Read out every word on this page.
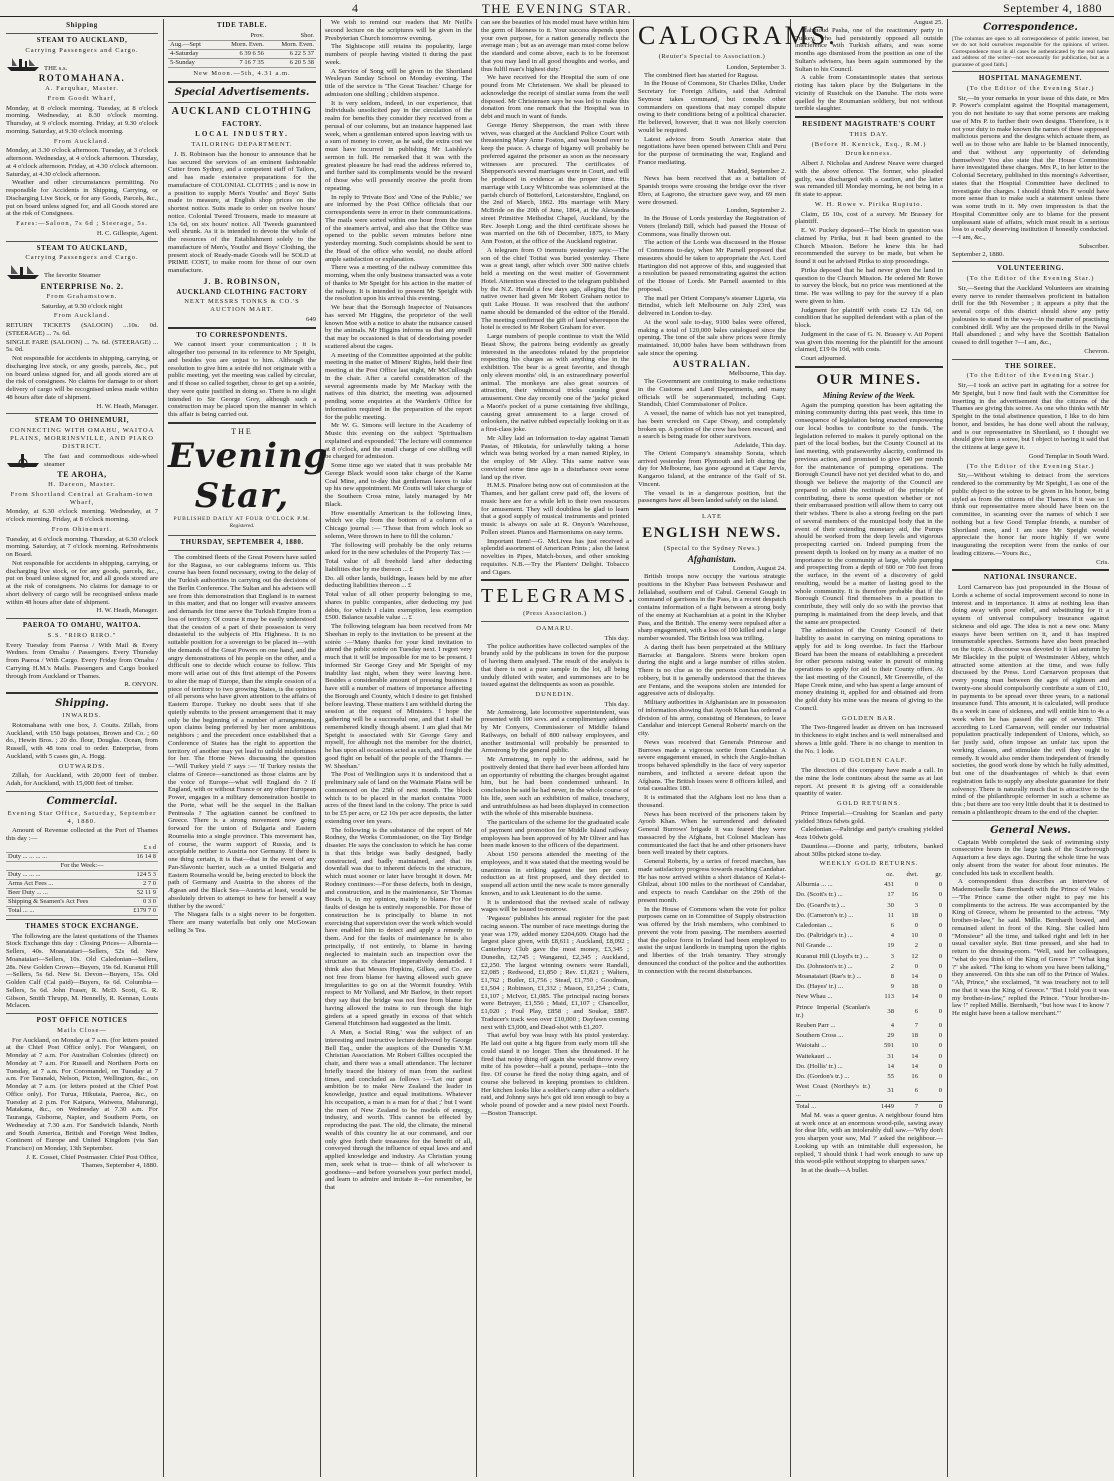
4	THE EVENING STAR.	September 4, 1880
Shipping
STEAM TO AUCKLAND,
Carrying Passengers and Cargo.
THE s.s.
ROTOMAHANA.
A. Farquhar, Master.
From Goodt Wharf,

Monday, at 8 o'clock morning. Tuesday, at 8 o'clock morning. Wednesday, at 8.30 o'clock morning. Thursday, at 9 o'clock morning. Friday, at 9.30 o'clock morning. Saturday, at 9.30 o'clock morning.

From Auckland.

Monday, at 3.30 o'clock afternoon. Tuesday, at 3 o'clock afternoon. Wednesday, at 4 o'clock afternoon. Thursday, at 4 o'clock afternoon. Friday, at 4.30 o'clock afternoon. Saturday, at 4.30 o'clock afternoon.

Weather and other circumstances permitting. No responsible for Accidents in Shipping, Carrying, or Discharging Live Stock, or for any Goods, Parcels, &c., put on board unless signed for, and all Goods stored are at the risk of Consignees.

Fares:—Saloon, 7s 6d ; Steerage, 5s.
H. C. Gillespie, Agent.
STEAM TO AUCKLAND,
Carrying Passengers and Cargo.
The favorite Steamer
ENTERPRISE No. 2.
From Grahamstown.

Saturday, at 9.30 o'clock night

From Auckland.

RETURN TICKETS (SALOON) ...10s. 0d. (STEERAGE) ... 7s. 6d.

SINGLE FARE (SALOON) ... 7s. 6d. (STEERAGE) ... 5s. 0d.

Not responsible for accidents in shipping, carrying, or discharging live stock, or any goods, parcels, &c., put on board unless signed for, and all goods stored are at the risk of consignees. No claims for damage to or short delivery of cargo will be recognised unless made within 48 hours after date of shipment.

H. W. Heath, Manager.
STEAM TO OHINEMURI,
CONNECTING WITH OMAHU, WAITOA PLAINS, MORRINSVILLE, AND PIAKO DISTRICT.
The fast and commodious side-wheel steamer
TE AROHA,
H. Dareon, Master.
From Shortland Central at Graham-town Wharf,

Monday, at 6.30 o'clock morning. Wednesday, at 7 o'clock morning. Friday, at 8 o'clock morning.

From Ohinemuri.

Tuesday, at 6 o'clock morning. Thursday, at 6.30 o'clock morning. Saturday, at 7 o'clock morning. Refreshments on Board.

Not responsible for accidents in shipping, carrying, or discharging live stock, or for any goods, parcels, &c., put on board unless signed for, and all goods stored are at the risk of consignees. No claims for damage to or short delivery of cargo will be recognised unless made within 48 hours after date of shipment.

H. W. Heath, Manager.
PAEROA TO OMAHU, WAITOA.
S.S. "RIRO RIRO."

Every Tuesday from Paeroa / With Mail & Every Wednes. from Omahu / Passengers. Every Thursday from Paeroa / With Cargo. Every Friday from Omahu / Carrying H.M.'s Mails. Passengers and Cargo booked through from Auckland or Thames.

R. ONYON.
Shipping.
INWARDS.

Rotomahana with one box, J. Coutts. Zillah, from Auckland, with 150 bags potatoes, Brown and Co. ; 60 do., Hewin Bros. ; 20 do. flour, Douglas. Ocean, from Russell, with 48 tons coal to order. Enterprise, from Auckland, with 5 cases gin, A. Hogg.

OUTWARDS.

Zillah, for Auckland, with 20,000 feet of timber. Adah, for Auckland, with 15,000 feet of timber.

Commercial.
Evening Star Office, Saturday, September 4, 1880.

Amount of Revenue collected at the Port of Thames this day :—

	£ s d
Duty ... ... ... ...	16 14 8
For the Week:—	
Duty ... ... ...	124 5 3
Arms Act Fees ...	2 7 0
Beer Duty ... ...	52 11 9
Shipping & Seamen's Act Fees	0 3 0
Total ... ...	£179 7 0
THAMES STOCK EXCHANGE.

The following are the latest quotations of the Thames Stock Exchange this day : Closing Prices— Alburnia—Sellers, 40s. Moanataiari—Sellers, 52s 6d. New Moanataiari—Sellers, 10s. Old Caledonian—Sellers, 28s. New Golden Crown—Buyers, 19s 6d. Kuranui Hill—Sellers, 5s 6d. New St. Devon—Buyers, 15s. Old Golden Calf (Cal paid)—Buyers, 6s 6d. Columbia—Sellers, 5s 6d. John Fraser, R. McD. Scott, G. R. Gibson, Smith Thrupp, M. Hennelly, R. Kennan, Louis Mclacen.

POST OFFICE NOTICES
Mails Close—

For Auckland, on Monday at 7 a.m. (for letters posted at the Chief Post Office only). For Wangarei, on Monday at 7 a.m. For Australian Colonies (direct) on Monday at 7 a.m. For Russell and Northern Ports on Tuesday, at 7 a.m. For Coromandel, on Tuesday at 7 a.m. For Taranaki, Nelson, Picton, Wellington, &c., on Monday at 7 a.m. (or letters posted at the Chief Post Office only). For Turua, Hikutaia, Paeroa, &c., on Tuesday at 2 p.m. For Kaipara, Waiwera, Mahurangi, Matakana, &c., on Wednesday at 7.30 a.m. For Tauranga, Gisborne, Napier, and Southern Ports, on Wednesday at 7.30 a.m. For Sandwich Islands, North and South America, British and Foreign West Indies, Continent of Europe and United Kingdom (via San Francisco) on Monday, 13th September.

J. E. Cosset, Chief Postmaster. Chief Post Office, Thames, September 4, 1880.
TIDE TABLE.
	Prov.	Shor.
Aug.—Sept	Morn. Even.	Morn. Even.
4-Saturday	6 39 6 56	6 22 5 37
5-Sunday	7 16 7 35	6 20 5 38
New Moon.—5th, 4.31 a.m.
Special Advertisements.
AUCKLAND CLOTHING
FACTORY.
LOCAL INDUSTRY.
TAILORING DEPARTMENT.

J. B. Robinson has the honour to announce that he has secured the services of an eminent fashionable Cutter from Sydney, and a competent staff of Tailors, and has made extensive preparations for the manufacture of COLONIAL CLOTHS ; and is now in a position to supply Men's Youths' and Boys' Suits made to measure, at English shop prices on the shortest notice. Suits made to order on twelve hours' notice. Colonial Tweed Trousers, made to measure at 13s 6d, on six hours' notice. All Tweeds guaranteed well shrunk. As it is intended to devote the whole of the resources of the Establishment solely to the manufacture of Men's, Youths' and Boys' Clothing, the present stock of Ready-made Goods will be SOLD at PRIME COST, to make room for those of our own manufacture.

J. B. ROBINSON,
AUCKLAND CLOTHING FACTORY
NEXT MESSRS TONKS & CO.'S AUCTION MART.
649
TO CORRESPONDENTS.

We cannot insert your communication ; it is altogether too personal in its reference to Mr Speight, and besides you are unjust to him. Although the resolution to give him a soirée did not originate with a public meeting, yet the meeting was called by circular, and if those so called together, chose to get up a soirée, they were quite justified in doing so. There is no slight intended to Sir George Grey, although such a construction may be placed upon the manner in which this affair is being carried out.

THE
Evening Star,
PUBLISHED DAILY AT FOUR O'CLOCK P.M.
Registered.
THURSDAY, SEPTEMBER 4, 1880.

The combined fleets of the Great Powers have sailed for the Ragusa, so our cablegrams inform us. This course has been found necessary, owing to the delay of the Turkish authorities in carrying out the decisions of the Berlin Conference. The Sultan and his advisers will see from this demonstration that England is in earnest in this matter, and that no longer will evasive answers and demands for time serve the Turkish Empire from a loss of territory. Of course it may be easily understood that the cession of a part of their possession is very distasteful to the subjects of His Highness. It is no suitable position for a sovereign to be placed in—with the demands of the Great Powers on one hand, and the angry demonstrations of his people on the other, and a difficult one to decide which course to follow. This more will arise out of this first attempt of the Powers to alter the map of Europe, than the simple cession of a piece of territory to two growing States, is the opinion of all persons who have given attention to the affairs of Eastern Europe. Turkey no doubt sees that if she quietly submits to the present arrangement that it may only be the beginning of a number of arrangements, upon claims being preferred by her more ambitious neighbors ; and the precedent once established that a Conference of States has the right to apportion the territory of another may yet lead to unfold misfortunes for her. The Home News discussing the question—'Will Turkey yield ?' says :— 'If Turkey resists the claims of Greece—sanctioned as those claims are by the voice of Europe—what will England do ? If England, with or without France or any other European Power, engages in a military demonstration hostile to the Porte, what will be the sequel in the Balkan Peninsula ? The agitation cannot be confined to Greece. There is a strong movement now going forward for the union of Bulgaria and Eastern Roumelia into a single province. This movement has, of course, the warm support of Russia, and is acceptable neither to Austria nor Germany. If there is one thing certain, it is that—that in the event of any Pan-Slavonic barrier, such as a united Bulgaria and Eastern Roumelia would be, being erected to block the path of Germany and Austria to the shores of the Ægean and the Black Sea—Austria at least, would be absolutely driven to attempt to hew for herself a way thither by the sword.'

The Niagara falls is a sight never to be forgotten. There are many waterfalls but only one McGowan selling 3s Tea.

We wish to remind our readers that Mr Neill's second lecture on the scriptures will be given in the Presbyterian Church tomorrow evening.

The Sightscope still retains its popularity, large numbers of people having visited it during the past week.

A Service of Song will be given in the Shortland Wesleyan Sunday School on Monday evening. The title of the service is 'The Great Teacher.' Charge for admission one shilling ; children sixpence.

It is very seldom, indeed, in our experience, that individuals unsolicited pay in the circulation of the realm for benefits they consider they received from a perusal of our columns, but an instance happened last week, when a gentleman entered upon leaving with us a sum of money to cover, as he said, the extra cost we must have incurred in publishing Mr Laishley's sermon in full. He remarked that it was with the greatest pleasure he had read the address referred to, and further said its compliments would be the reward of those who will presently receive the profit from repeating.

In reply to 'Private Box' and 'One of the Public,' we are informed by the Post Office officials that our correspondents were in error in their communications. The mails were sorted within one hour from the time of the steamer's arrival, and also that the Office was opened to the public seven minutes before nine yesterday morning. Such complaints should be sent to the Head of the office who would, no doubt afford ample satisfaction or explanation.

There was a meeting of the railway committee this morning, when the only business transacted was a vote of thanks to Mr Speight for his action in the matter of the railway. It is intended to present Mr Speight with the resolution upon his arrival this evening.

We hear that the Borough Inspector of Nuisances has served Mr Higgins, the proprietor of the well known Moe with a notice to abate the nuisance caused by the animals. Mr Higgins informs us that any smell that may be occasioned is that of deodorising powder scattered about the cages.

A meeting of the Committee appointed at the public meeting in the matter of Miners' Rights, held their first meeting at the Post Office last night, Mr McCullough in the chair. After a careful consideration of the several agreements made by Mr Mackay with the natives of this district, the meeting was adjourned pending some enquiries at the Warden's Office for information required in the preparation of the report for the public meeting.

Mr W. G. Simons will lecture in the Academy of Music this evening on the subject 'Spiritualism explained and expounded.' The lecture will commence at 8 o'clock, and the small charge of one shilling will be charged for admission.

Some time ago we stated that it was probable Mr George Black would soon take charge of the Kame Coal Mine, and to-day that gentleman leaves to take up his new appointment. Mr Coutts will take charge of the Southern Cross mine, lately managed by Mr Black.

How essentially American is the following lines, which we clip from the bottom of a column of a Chicago journal :— 'Those that from which look so solemn, Were thrown in here to fill the column.'

The following will probably be the only returns asked for in the new schedules of the Property Tax :—

Total value of all freehold land after deducting liabilities due by me thereon ... £

Do. all other lands, buildings, leases held by me after deducting liabilities thereon ... £

Total value of all other property belonging to me, shares in public companies, after deducting my just debts, for which I claim exemption, less exemption £500. Balance taxable value ... £

The following telegram has been received from Mr Sheehan in reply to the invitation to be present at the soirée :—'Many thanks for your kind invitation to attend the public soirée on Tuesday next. I regret very much that it will be impossible for me to be present. I informed Sir George Grey and Mr Speight of my inability last night, when they were leaving here. Besides a considerable amount of pressing business I have still a number of matters of importance affecting the Borough and County, which I desire to get finished before leaving. These matters I am withheld during the session at the request of Ministers. I hope the gathering will be a successful one, and that I shall be remembered kindly though absent. I am glad that Mr Speight is associated with Sir George Grey and myself, for although not the member for the district, he has upon all occasions acted as such, and fought the good fight on behalf of the people of the Thames. —W. Sheehan.'

The Post of Wellington says it is understood that a preliminary sale of land on the Waimate Plains will be commenced on the 25th of next month. The block which is to be placed in the market contains 7000 acres of the finest land in the colony. The price is said to be £5 per acre, or £2 10s per acre deposits, the latter extending over ten years.

The following is the substance of the report of Mr Rodney, the Works Commissioner, on the Tay Bridge disaster. He says the conclusion to which he has come is that this bridge was badly designed, badly constructed, and badly maintained, and that its downfall was due to inherent defects in the structure, which must sooner or later have brought it down. Mr Rodney continues:—For these defects, both in design, and construction, and in the maintenance, Sir Thomas Bouch is, in my opinion, mainly to blame. For the faults of design he is entirely responsible. For those of construction he is principally to blame in not exercising that supervision over the work which would have enabled him to detect and apply a remedy to them. And for the faults of maintenance he is also principally, if not entirely, to blame in having neglected to maintain such an inspection over the structure as its character imperatively demanded. I think also that Messrs Hopkins, Gilkes, and Co. are not free from blame for having allowed such grave irregularities to go on at the Wormit foundry. With respect to Mr Yolland, and Mr Barlow, in their report they say that the bridge was not free from blame for having allowed the trains to run through the high girders at a speed greatly in excess of that which General Hutchinson had suggested as the limit.

A Man, a Social Ring,' was the subject of an interesting and instructive lecture delivered by George Bell Esq., under the auspices of the Dunedin Y.M. Christian Association. Mr Robert Gillies occupied the chair, and there was a small attendance. The lecturer briefly traced the history of man from the earliest times, and concluded as follows :—'Let our great ambition be to make New Zealand the leader in knowledge, justice and equal institutions. Whatever his occupation, a man is a man for a' that ;' but I want the men of New Zealand to be models of energy, industry, and worth. This cannot be effected by reproducing the past. The old, the climate, the mineral wealth of this country lie at our command, and our only give forth their treasures for the benefit of all, conveyed through the influence of equal laws and and applied knowledge and industry. As Christian young men, seek what is true— think of all who'sover is goodness—and before yourselves your perfect model, and learn to admire and imitate it—for remember, be that

can see the beauties of his model must have within him the germ of likeness to it. Your success depends upon your own purpose, for a nation generally reflects the average man ; but as an average man must come below the standard and come above, each is to be foremost that you may land in all good thoughts and works, and thus fulfil man's highest duty.'

We have received for the Hospital the sum of one pound from Mr Christensen. We shall be pleased to acknowledge the receipt of similar sums from the well disposed. Mr Christensen says he was led to make this donation from one remark that the Hospital was in debt and much in want of funds.

George Henry Shepperson, the man with three wives, was charged at the Auckland Police Court with threatening Mary Anne Foston, and was bound over to keep the peace. A charge of bigamy will probably be preferred against the prisoner as soon as the necessary witnesses are procured. The certificates of Shepperson's several marriages were in Court, and will be produced in evidence at the proper time. His marriage with Lucy Whitcombe was solemnised at the parish church of Botteford, Leicestershire, England, on the 2nd of March, 1862. His marriage with Mary McBride on the 20th of June, 1864, at the Alexandra street Primitive Methodist Chapel, Auckland, by the Rev. Joseph Long; and the third certificate shows he was married on the 6th of December, 1875, to Mary Ann Foston, at the office of the Auckland registrar.

A telegram from O inemutu yesterday says:—The son of the chief Totitai was buried yesterday. There was a great tangi, after which over 300 native chiefs held a meeting on the west matter of Government Hotel. Attention was directed to the telegram published by the N.Z. Herald a few days ago, alleging that the native owner had given Mr Robert Graham notice to quit Lake House. It was resolved that the authors' name should be demanded of the editor of the Herald. The meeting confirmed the gift of land whereupon the hotel is erected to Mr Robert Graham for ever.

Large numbers of people continue to visit the Wild Beast Show, the patrons being evidently as greatly interested in the anecdotes related by the proprietor respecting his charges as with anything else in the exhibition. The bear is a great favorite, and though only eleven months' old, is an extraordinary powerful animal. The monkeys are also great sources of attraction, their whimsical tricks causing great amusement. One day recently one of the 'jacks' picked a Maori's pocket of a purse containing five shillings, causing great amusement to a large crowd of onlookers, the native rubbed especially looking on it as a first-class joke.

Mr Alley laid an information to-day against Tamati Pastas, of Hikutaia, for unlawfully taking a horse which was being worked by a man named Ripley, in the employ of Mr Alley. This same native was convicted some time ago in a disturbance over some land up the river.

H.M.S. Pinafore being now out of commission at the Thames, and her gallant crew paid off, the lovers of music here are for a while left to their own resources for amusement. They will doubtless be glad to learn that a good supply of musical instruments and printed music is always on sale at R. Onyon's Warehouse, Pollen street. Pianos and Harmoniums on easy terms.

Important Item!—G. McLivea has just received a splendid assortment of American Prints ; also the latest novelties in Pipes, Match-boxes, and other smoking requisites. N.B.—Try the Planters' Delight. Tobacco and Cigars.

TELEGRAMS.
(Press Association.)
OAMARU.
This day.

The police authorities have collected samples of the brandy sold by the publicans in town for the purpose of having them analysed. The result of the analysis is that there is not a pure sample in the lot, all being unduly diluted with water, and summonses are to be issued against the delinquents as soon as possible.

DUNEDIN.
This day.

Mr Armstrong, late locomotive superintendent, was presented with 100 sovs. and a complimentary address by Mr Conyers, Commissioner of Middle Island Railways, on behalf of 800 railway employees, and another testimonial will probably be presented to Armstrong by the general public.

Mr Armstrong, in reply to the address, said he positively denied that there had ever been afforded him an opportunity of rebutting the charges brought against him, but he had been condemned unheard. In conclusion he said he had never, in the whole course of his life, seen such an exhibition of malice, treachery, and untruthfulness as had been displayed in connection with the whole of this miserable business.

The particulars of the scheme for the graduated scale of payment and promotion for Middle Island railway employees has been approved of by Mr Oliver and has been made known to the officers of the department.

About 150 persons attended the meeting of the employees, and it was stated that the meeting would be unanimous in striking against the ten per cent. reduction as at first proposed, and they decided to suspend all action until the new scale is more generally known, and to ask Lieutenant to do the same.

It is understood that the revised scale of railway wages will be issued to-morrow.

'Pegasus' publishes his annual register for the past racing season. The number of race meetings during the year was 179, added money £204,609. Otago had the largest place given, with £8,611 ; Auckland, £8,092 ; Canterbury Club gave the most money, £3,345 ; Dunedin, £2,745 ; Wanganui, £2,345 ; Auckland, £2,250. The largest winning owners were Randall, £2,085 ; Redwood, £1,850 ; Rev. £1,821 ; Walters, £1,762 ; Butler, £1,756 ; Stead, £1,750 ; Goodman, £1,504 ; Robinson, £1,332 ; Mason, £1,254 ; Cutts, £1,107 ; McIvor, £1,085. The principal racing horses were Betrayer, £1,556 ; Maid, £1,107 ; Chancellor, £1,020 ; Foul Play, £858 ; and Soukar, £887. Traducer's track won over £10,000 ; Dayfawn coming next with £3,000, and Dead-shot with £1,207.

That awful boy was busy with his pistol yesterday. He laid out quite a big figure from early morn till she could stand it no longer. Then she threatened. If he fired that noisy thing off again she would throw every mite of his powder—half a pound, perhaps—into the fire. Of course he fired the noisy thing again, and of course she believed in keeping promises to children. Her kitchen looks like a soldier's camp after a soldier's raid, and Johnny says he's got old iron enough to buy a whole pound of powder and a new pistol next Fourth.—Boston Transcript.

CALOGRAMS.
(Reuter's Special to Association.)
London, September 3.

The combined fleet has started for Ragusa.

In the House of Commons, Sir Charles Dilke, Under Secretary for Foreign Affairs, said that Admiral Seymour takes command, but consults other commanders on questions that may compel dispute owing to their conditions being of a political character. He believed, however, that it was not likely coercion would be required.

Latest advices from South America state that negotiations have been opened between Chili and Peru for the purpose of terminating the war, England and France mediating.

Madrid, September 2.

News has been received that as a battalion of Spanish troops were crossing the bridge over the river Ebro, at Lagrono, the structure gave way, and 69 men were drowned.

London, September 2.

In the House of Lords yesterday the Registration of Voters (Ireland) Bill, which had passed the House of Commons, was finally thrown out.

The action of the Lords was discussed in the House of Commons to-day, when Mr Parnell proposed that measures should be taken to appropriate the Act. Lord Hartington did not approve of this, and suggested that a resolution be passed remonstrating against the action of the House of Lords. Mr Parnell assented to this proposal.

The mail per Orient Company's steamer Liguria, via Brindisi, which left Melbourne on July 23rd, was delivered in London to-day.

At the wool sale to-day, 9100 bales were offered, making a total of 120,000 bales catalogued since the opening. The tone of the sale show prices were firmly maintained. 10,000 bales have been withdrawn from sale since the opening.

AUSTRALIAN.
Melbourne, This day.

The Government are continuing to make reductions in the Customs and Land Departments, and many officials will be superannuated, including Capt. Standish, Chief Commissioner of Police.

A vessel, the name of which has not yet transpired, has been wrecked on Cape Otway, and completely broken up. A portion of the crew has been rescued, and a search is being made for other survivors.

Adelaide, This day.

The Orient Company's steamship Sorata, which arrived yesterday from Plymouth and left during the day for Melbourne, has gone aground at Cape Jervis, Kangaroo Island, at the entrance of the Gulf of St. Vincent.

The vessel is in a dangerous position, but the passengers have all been landed safely on the island.

LATE
ENGLISH NEWS.
(Special to the Sydney News.)
Afghanistan.
London, August 24.

British troops now occupy the various strategic positions in the Khyber Pass between Peshawur and Jellalabad, southern end of Cabul. General Gough in command of garrisons in the Pass, in a recent despatch contains information of a fight between a strong body of the enemy at Kuchambian at a point in the Khyber Pass, and the British. The enemy were repulsed after a sharp engagement, with a loss of 100 killed and a large number wounded. The British loss was trifling.

A daring theft has been perpetrated at the Military Barracks at Bangalore. Stores were broken open during the night and a large number of rifles stolen. There is no clue as to the persons concerned in the robbery, but it is generally understood that the thieves are Fenians, and the weapons stolen are intended for aggressive acts of disloyalty.

Military authorities in Afghanistan are in possession of information showing that Ayoob Khan has ordered a division of his army, consisting of Herateses, to leave Candahar and intercept General Roberts' march on the city.

News was received that Generals Primrose and Burrows made a vigorous sortie from Candahar. A severe engagement ensued, in which the Anglo-Indian troops behaved splendidly in the face of very superior numbers, and inflicted a severe defeat upon the Afghans. The British losses were 8 officers killed, and total casualties 180.

It is estimated that the Afghans lost no less than a thousand.

News has been received of the prisoners taken by Ayoob Khan. When he surrendered and defeated General Burrows' brigade it was feared they were massacred by the Afghans, but Colonel Maclean has communicated the fact that he and other prisoners have been well treated by their captors.

General Roberts, by a series of forced marches, has made satisfactory progress towards reaching Candahar. He has now arrived within a short distance of Kelat-i-Ghilzai, about 100 miles to the northeast of Candahar, and expects to reach Candahar on the 29th of the present month.

In the House of Commons when the vote for police purposes came on in Committee of Supply obstruction was offered by the Irish members, who combined to prevent the vote from passing. The members asserted that the police force in Ireland had been employed to assist the unjust landlords in tramping upon the rights and liberties of the Irish tenantry. They strongly denounced the conduct of the police and the authorities in connection with the recent disturbances.

August 25.

Mahmoud Pasha, one of the reactionary party in Turkey, who had persistently opposed all outside interference with Turkish affairs, and was some months ago dismissed from the position as one of the Sultan's advisers, has been again summoned by the Sultan to his Council.

A cable from Constantinople states that serious rioting has taken place by the Bulgarians in the vicinity of Rustchuk on the Danube. The riots were quelled by the Roumanian soldiery, but not without terrible slaughter.

RESIDENT MAGISTRATE'S COURT
THIS DAY.
(Before H. Kenrick, Esq., R.M.)
Drunkenness.

Albert J. Nicholas and Andrew Neave were charged with the above offence. The former, who pleaded guilty, was discharged with a caution, and the latter was remanded till Monday morning, he not being in a fit state to appear.

W. H. Rowe v. Pirika Rupiuto.

Claim, £6 10s, cost of a survey. Mr Brassey for plaintiff.

E. W. Puckey deposed—The block in question was claimed by Pirika, but it had been granted to the Church Mission. Before he knew this he had recommended the survey to be made, but when he found it out he advised Pirika to stop proceedings.

Pirika deposed that he had never given the land in question to the Church Mission. He ordered Mr Rowe to survey the block, but no price was mentioned at the time. He was willing to pay for the survey if a plan were given to him.

Judgment for plaintiff with costs £2 12s 6d, on condition that he supplied defendant with a plan of the block.

Judgment in the case of G. N. Brassey v. Ati Popeni was given this morning for the plaintiff for the amount claimed, £19 0s 10d, with costs.

Court adjourned.

OUR MINES.
Mining Review of the Week.

Again the pumping question has been agitating the mining community during this past week, this time in consequence of legislation being enacted empowering our local bodies to contribute to the funds. The legislation referred to makes it purely optional on the part of the local bodies, but the County Council at its last meeting, with praiseworthy alacrity, confirmed its previous action, and promised to give £40 per month for the maintenance of pumping operations. The Borough Council have not yet decided what to do, and though we believe the majority of the Council are prepared to admit the rectitude of the principle of contributing, there is some question whether or not their embarrassed position will allow them to carry out their wishes. There is also a strong feeling on the part of several members of the municipal body that in the event of their extending monetary aid, the Pumps should be worked from the deep levels and vigorous prospecting carried on. Indeed pumping from the present depth is looked on by many as a matter of no importance to the community at large, while pumping and prospecting from a depth of 600 or 700 feet from the surface, in the event of a discovery of gold resulting, would be a matter of lasting good to the whole community. It is therefore probable that if the Borough Council find themselves in a position to contribute, they will only do so with the proviso that pumping is maintained from the deep levels, and that the same are prospected.

The admission of the County Council of their liability to assist in carrying on mining operations to apply for aid is long overdue. In fact the Harbour Board has been the means of establishing a precedent for other persons raising water in pursuit of mining operations to apply for aid to their County offers. At the last meeting of the Council, Mr Greenville, of the Hape Creek mine, and who has spent a large amount of money draining it, applied for and obtained aid from the gold duty his mine was the means of giving to the Council.

GOLDEN BAR.

The Two-fingered leader as driven on has increased in thickness to eight inches and is well mineralised and shows a little gold. There is no change to mention in the No. 1 lode.

OLD GOLDEN CALF.

The directors of this company have made a call. In the mine the lode continues about the same as at last report. At present it is giving off a considerable quantity of water.

GOLD RETURNS.

Prince Imperial.—Crushing for Scanlan and party yielded 38ozs 6dwts gold.

Caledonian.—Paltridge and party's crushing yielded 4ozs 10dwts gold.

Dauntless.—Doone and party, tributers, banked about 30lbs picked stone to-day.

WEEKLY GOLD RETURNS.
	oz.	dwt.	gr.
Alburnia ... ...	431	0	0
Do. (Scott's tr.) ...	17	16	0
Do. (Goard's tr.) ...	30	3	0
Do. (Cameron's tr.) ...	11	18	0
Caledonian ...	6	0	0
Do. (Paltridge's tr.) ...	4	10	0
Nil Grande ...	19	2	0
Kuranui Hill (Lloyd's tr.) ...	3	12	0
Do. (Johnston's tr.) ...	2	0	0
Moanataiari (Rae's tr.) ...	8	14	0
Do. (Hayes' tr.) ...	9	18	0
New Whau ...	113	14	0
Prince Imperial (Scanlan's tr.)	38	6	0
Reuben Parr ...	4	7	0
Southern Cross ...	29	18	0
Waiotahi ...	591	10	0
Waitekauri ...	31	14	0
Do. (Hollis' tr.) ...	14	14	0
Do. (Gordon's tr.) ...	55	16	0
West Coast (Northey's tr.) ...	31	6	0
Total ...	1449	7	0

Mal M. was a queer genius. A neighbour found him at work once at an enormous wood-pile, sawing away for dear life, with an intolerably dull saw.—'Why don't you sharpen your saw, Mal ?' asked the neighbour.—Looking up with an inimitable dull expression, he replied, 'I should think I had work enough to saw up this wood-pile without stopping to sharpen saws.'

In at the death—A bullet.

Correspondence.

[The columns are open to all correspondence of public interest, but we do not hold ourselves responsible for the opinions of writers. Correspondence must in all cases be authenticated by the real name and address of the writer—not necessarily for publication, but as a guarantee of good faith.]

HOSPITAL MANAGEMENT.
(To the Editor of the Evening Star.)

Sir,—In your remarks in your issue of this date, re Mrs P. Power's complaint against the Hospital management, you do not hesitate to say that some persons are making use of Mrs P. to further their own designs. Therefore, is it not your duty to make known the names of these supposed malicious persons and the designs which actuate them, as well as to those who are liable to be blamed innocently, and that without any opportunity of defending themselves? You also state that the House Committee have investigated these charges. Mrs P., in her letter to the Colonial Secretary, published in this morning's Advertiser, states that the Hospital Committee have declined to investigate the charges. I should think Mrs P. would have more sense than to make such a statement unless there was some truth in it. My own impression is that the Hospital Committee only are to blame for the present unpleasant state of affairs, which must result in a serious loss to a really deserving institution if honestly conducted.—I am, &c.,

Subscriber.
September 2, 1880.
VOLUNTEERING.
(To the Editor of the Evening Star.)

Sir,—Seeing that the Auckland Volunteers are straining every nerve to render themselves proficient in battalion drill for the 9th November ; it appears a pity that the several corps of this district should show any petty jealousies to stand in the way—in the matter of practising combined drill. Why are the proposed drills in the Naval Hall abandoned ; and why have the Scottish Battalion ceased to drill together ?—I am, &c.,

Chevron.
THE SOIREE.
(To the Editor of the Evening Star.)

Sir,—I took an active part in agitating for a soiree for Mr Speight, but I now find fault with the Committee for inserting in the advertisement that the citizens of the Thames are giving this soiree. As one who thinks with Mr Speight in the total abstinence question, I like to do him honor, and besides, he has done well about the railway, and is our representative in Shortland, so I thought we should give him a soiree, but I object to having it said that the citizens at large gave it.

Good Templar in South Ward.
(To the Editor of the Evening Star.)

Sir,—Without wishing to detract from the services rendered to the community by Mr Speight, I as one of the public object to the soiree to be given in his honor, being styled as from the citizens of the Thames. If it was so I think our representative more should have been on the committee, in scanning over the names of which I see nothing but a few Good Templar friends, a number of Shortland men, and I am sure Mr Speight would appreciate the honor far more highly if we were inaugurating the reception were from the ranks of our leading citizens.—Yours &c.,

Cris.
NATIONAL INSURANCE.

Lord Carnarvon has just propounded in the House of Lords a scheme of social improvement second to none in interest and in importance. It aims at nothing less than doing away with poor relief, and substituting for it a system of universal compulsory insurance against sickness and old age. The idea is not a new one. Many essays have been written on it, and it has inspired innumerable speeches. Sermons have also been preached on the topic. A discourse was devoted to it last autumn by Mr Blackley in the pulpit of Westminster Abbey, which attracted some attention at the time, and was fully discussed by the Press. Lord Carnarvon proposes that every young man between the ages of eighteen and twenty-one should compulsorily contribute a sum of £10, in payments to be spread over three years, to a national insurance fund. This amount, it is calculated, will produce 8s a week in case of sickness, and will entitle him to 4s a week when he has passed the age of seventy. This according to Lord Carnarvon, will render our industrial population practically independent of Unions, which, so far justly said, often impose an unfair tax upon the working classes, and stimulate the evil they ought to remedy. It would also render them independent of friendly societies, the good work done by which he fully admitted, but one of the disadvantages of which is that even registration fails to supply any absolute guarantee for their solvency. There is naturally much that is attractive to the mind of the philanthropic reformer in such a scheme as this ; but there are too very little doubt that it is destined to remain a philanthropic dream to the end of the chapter.

General News.

Captain Webb completed the task of swimming sixty consecutive hours in the large tank of the Scarborough Aquarium a few days ago. During the whole time he was only absent from the water for about four minutes. He concluded his task in excellent health.

A correspondent thus describes an interview of Mademoiselle Sara Bernhardt with the Prince of Wales :—'The Prince came the other night to pay me his compliments to the actress. He was accompanied by the King of Greece, whom he presented to the actress. "My brother-in-law," he said. Mdlle. Bernhardt bowed, and remained silent in front of the King. She called him "Monsieur" all the time, and talked right and left in her usual cavalier style. But time pressed, and she had to return to the dressing-room. "Well, said her colleagues, "what do you think of the King of Greece ?" "What king ?" she asked. "The king to whom you have been talking," they answered. On this she ran off to the Prince of Wales. "Ah, Prince," she exclaimed, "it was treachery not to tell me that it was the King of Greece." "But I told you it was my brother-in-law," replied the Prince. "Your brother-in-law !" replied Mdlle. Bernhardt, "but how was I to know ? He might have been a tallow merchant."'
